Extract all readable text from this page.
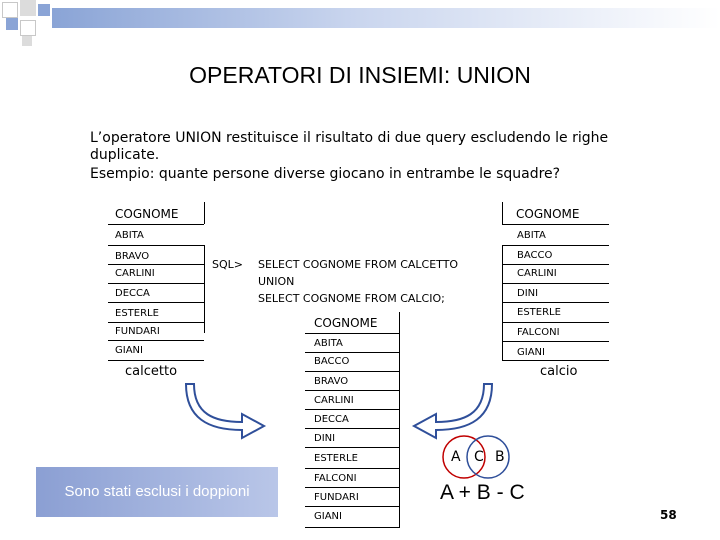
OPERATORI DI INSIEMI: UNION
L’operatore UNION restituisce il risultato di due query escludendo le righe
duplicate.
Esempio: quante persone diverse giocano in entrambe le squadre?
COGNOME
ABITA
BRAVO
CARLINI
DECCA
ESTERLE
FUNDARI
GIANI
calcetto
SQL> SELECT COGNOME FROM CALCETTO
UNION
SELECT COGNOME FROM CALCIO;
COGNOME
ABITA
BACCO
CARLINI
DINI
ESTERLE
FALCONI
GIANI
calcio
COGNOME
ABITA
BACCO
BRAVO
CARLINI
DECCA
DINI
ESTERLE
FALCONI
FUNDARI
GIANI
Sono stati esclusi i doppioni
A C B
A + B - C
58
